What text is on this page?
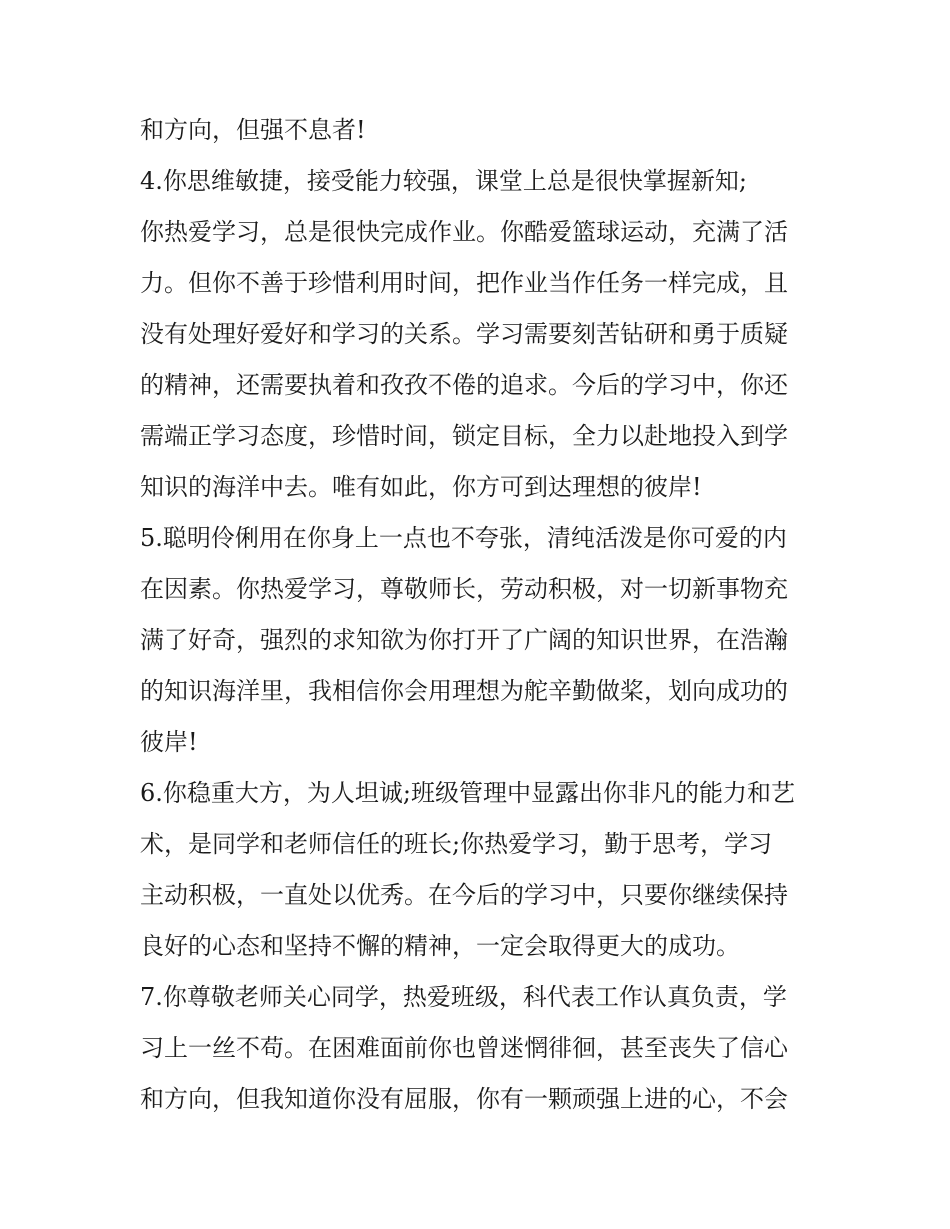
和方向，但强不息者!
4.你思维敏捷，接受能力较强，课堂上总是很快掌握新知;
你热爱学习，总是很快完成作业。你酷爱篮球运动，充满了活
力。但你不善于珍惜利用时间，把作业当作任务一样完成，且
没有处理好爱好和学习的关系。学习需要刻苦钻研和勇于质疑
的精神，还需要执着和孜孜不倦的追求。今后的学习中，你还
需端正学习态度，珍惜时间，锁定目标，全力以赴地投入到学
知识的海洋中去。唯有如此，你方可到达理想的彼岸!
5.聪明伶俐用在你身上一点也不夸张，清纯活泼是你可爱的内
在因素。你热爱学习，尊敬师长，劳动积极，对一切新事物充
满了好奇，强烈的求知欲为你打开了广阔的知识世界，在浩瀚
的知识海洋里，我相信你会用理想为舵辛勤做桨，划向成功的
彼岸!
6.你稳重大方，为人坦诚;班级管理中显露出你非凡的能力和艺
术，是同学和老师信任的班长;你热爱学习，勤于思考，学习
主动积极，一直处以优秀。在今后的学习中，只要你继续保持
良好的心态和坚持不懈的精神，一定会取得更大的成功。
7.你尊敬老师关心同学，热爱班级，科代表工作认真负责，学
习上一丝不苟。在困难面前你也曾迷惘徘徊，甚至丧失了信心
和方向，但我知道你没有屈服，你有一颗顽强上进的心，不会
